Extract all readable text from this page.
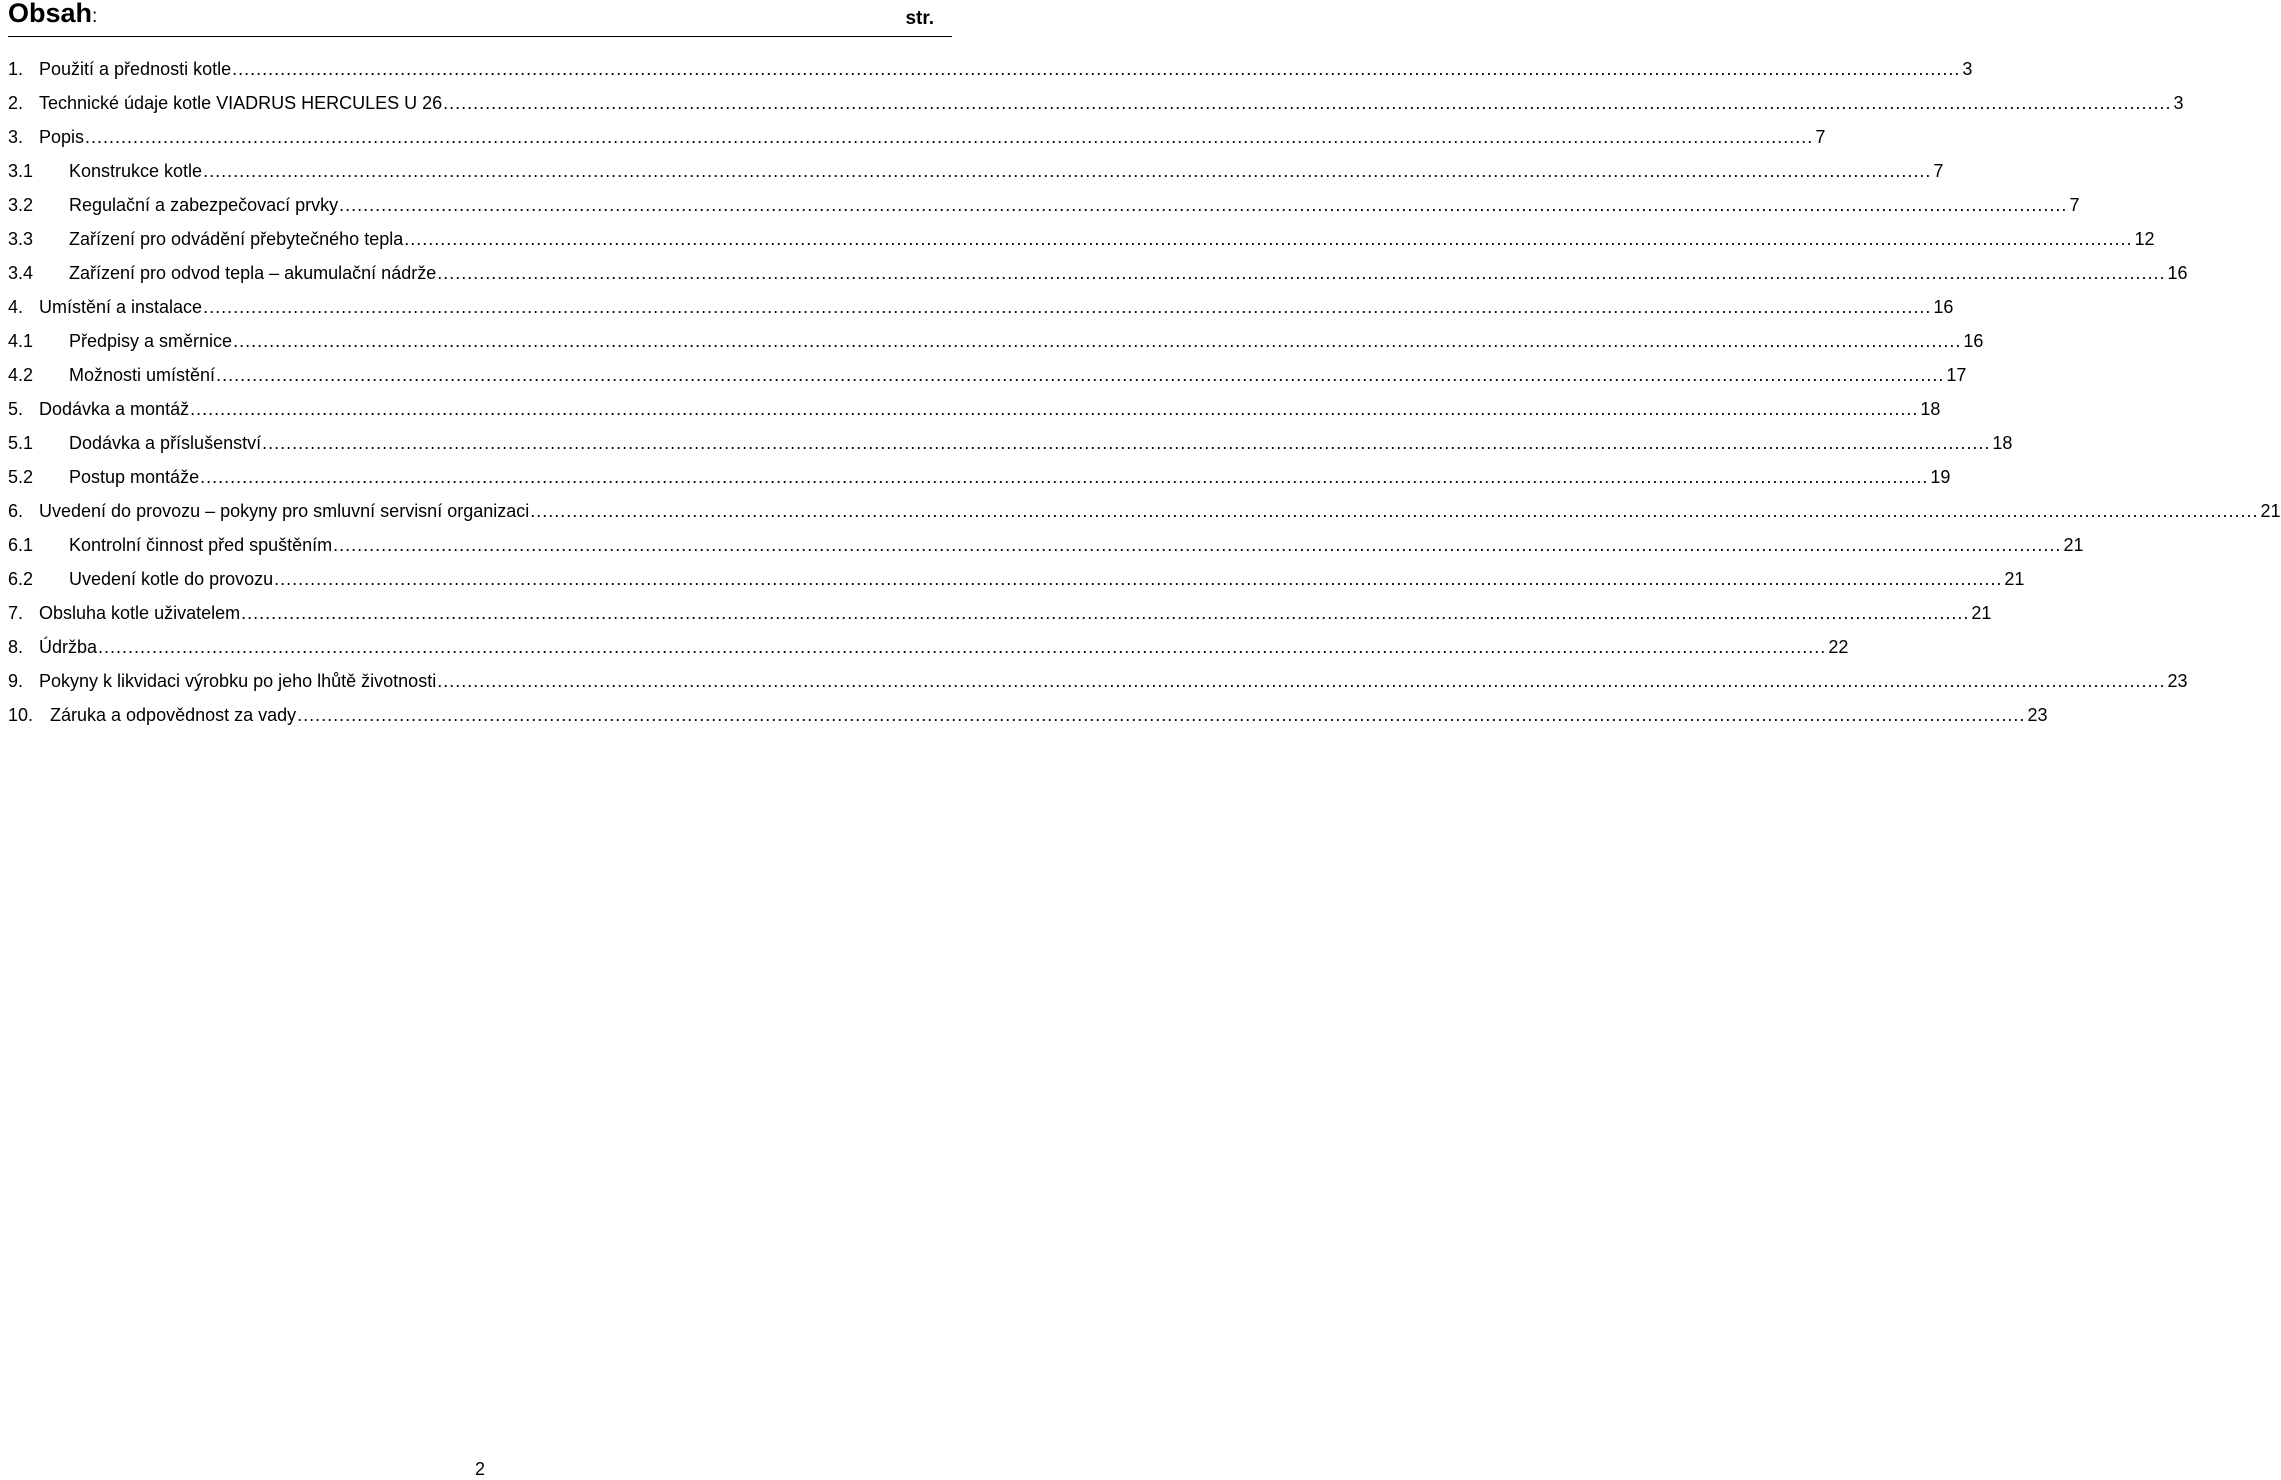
Obsah:	str.
1. Použití a přednosti kotle .....	3
2. Technické údaje kotle VIADRUS HERCULES U 26 .....	3
3. Popis .....	7
3.1	Konstrukce kotle .....	7
3.2	Regulační a zabezpečovací prvky .....	7
3.3	Zařízení pro odvádění přebytečného tepla .....	12
3.4	Zařízení pro odvod tepla – akumulační nádrže .....	16
4. Umístění a instalace .....	16
4.1	Předpisy a směrnice .....	16
4.2	Možnosti umístění .....	17
5. Dodávka a montáž .....	18
5.1	Dodávka a příslušenství .....	18
5.2	Postup montáže .....	19
6. Uvedení do provozu – pokyny pro smluvní servisní organizaci .....	21
6.1	Kontrolní činnost před spuštěním .....	21
6.2	Uvedení kotle do provozu .....	21
7. Obsluha kotle uživatelem .....	21
8. Údržba .....	22
9. Pokyny k likvidaci výrobku po jeho lhůtě životnosti .....	23
10. Záruka a odpovědnost za vady .....	23
2
